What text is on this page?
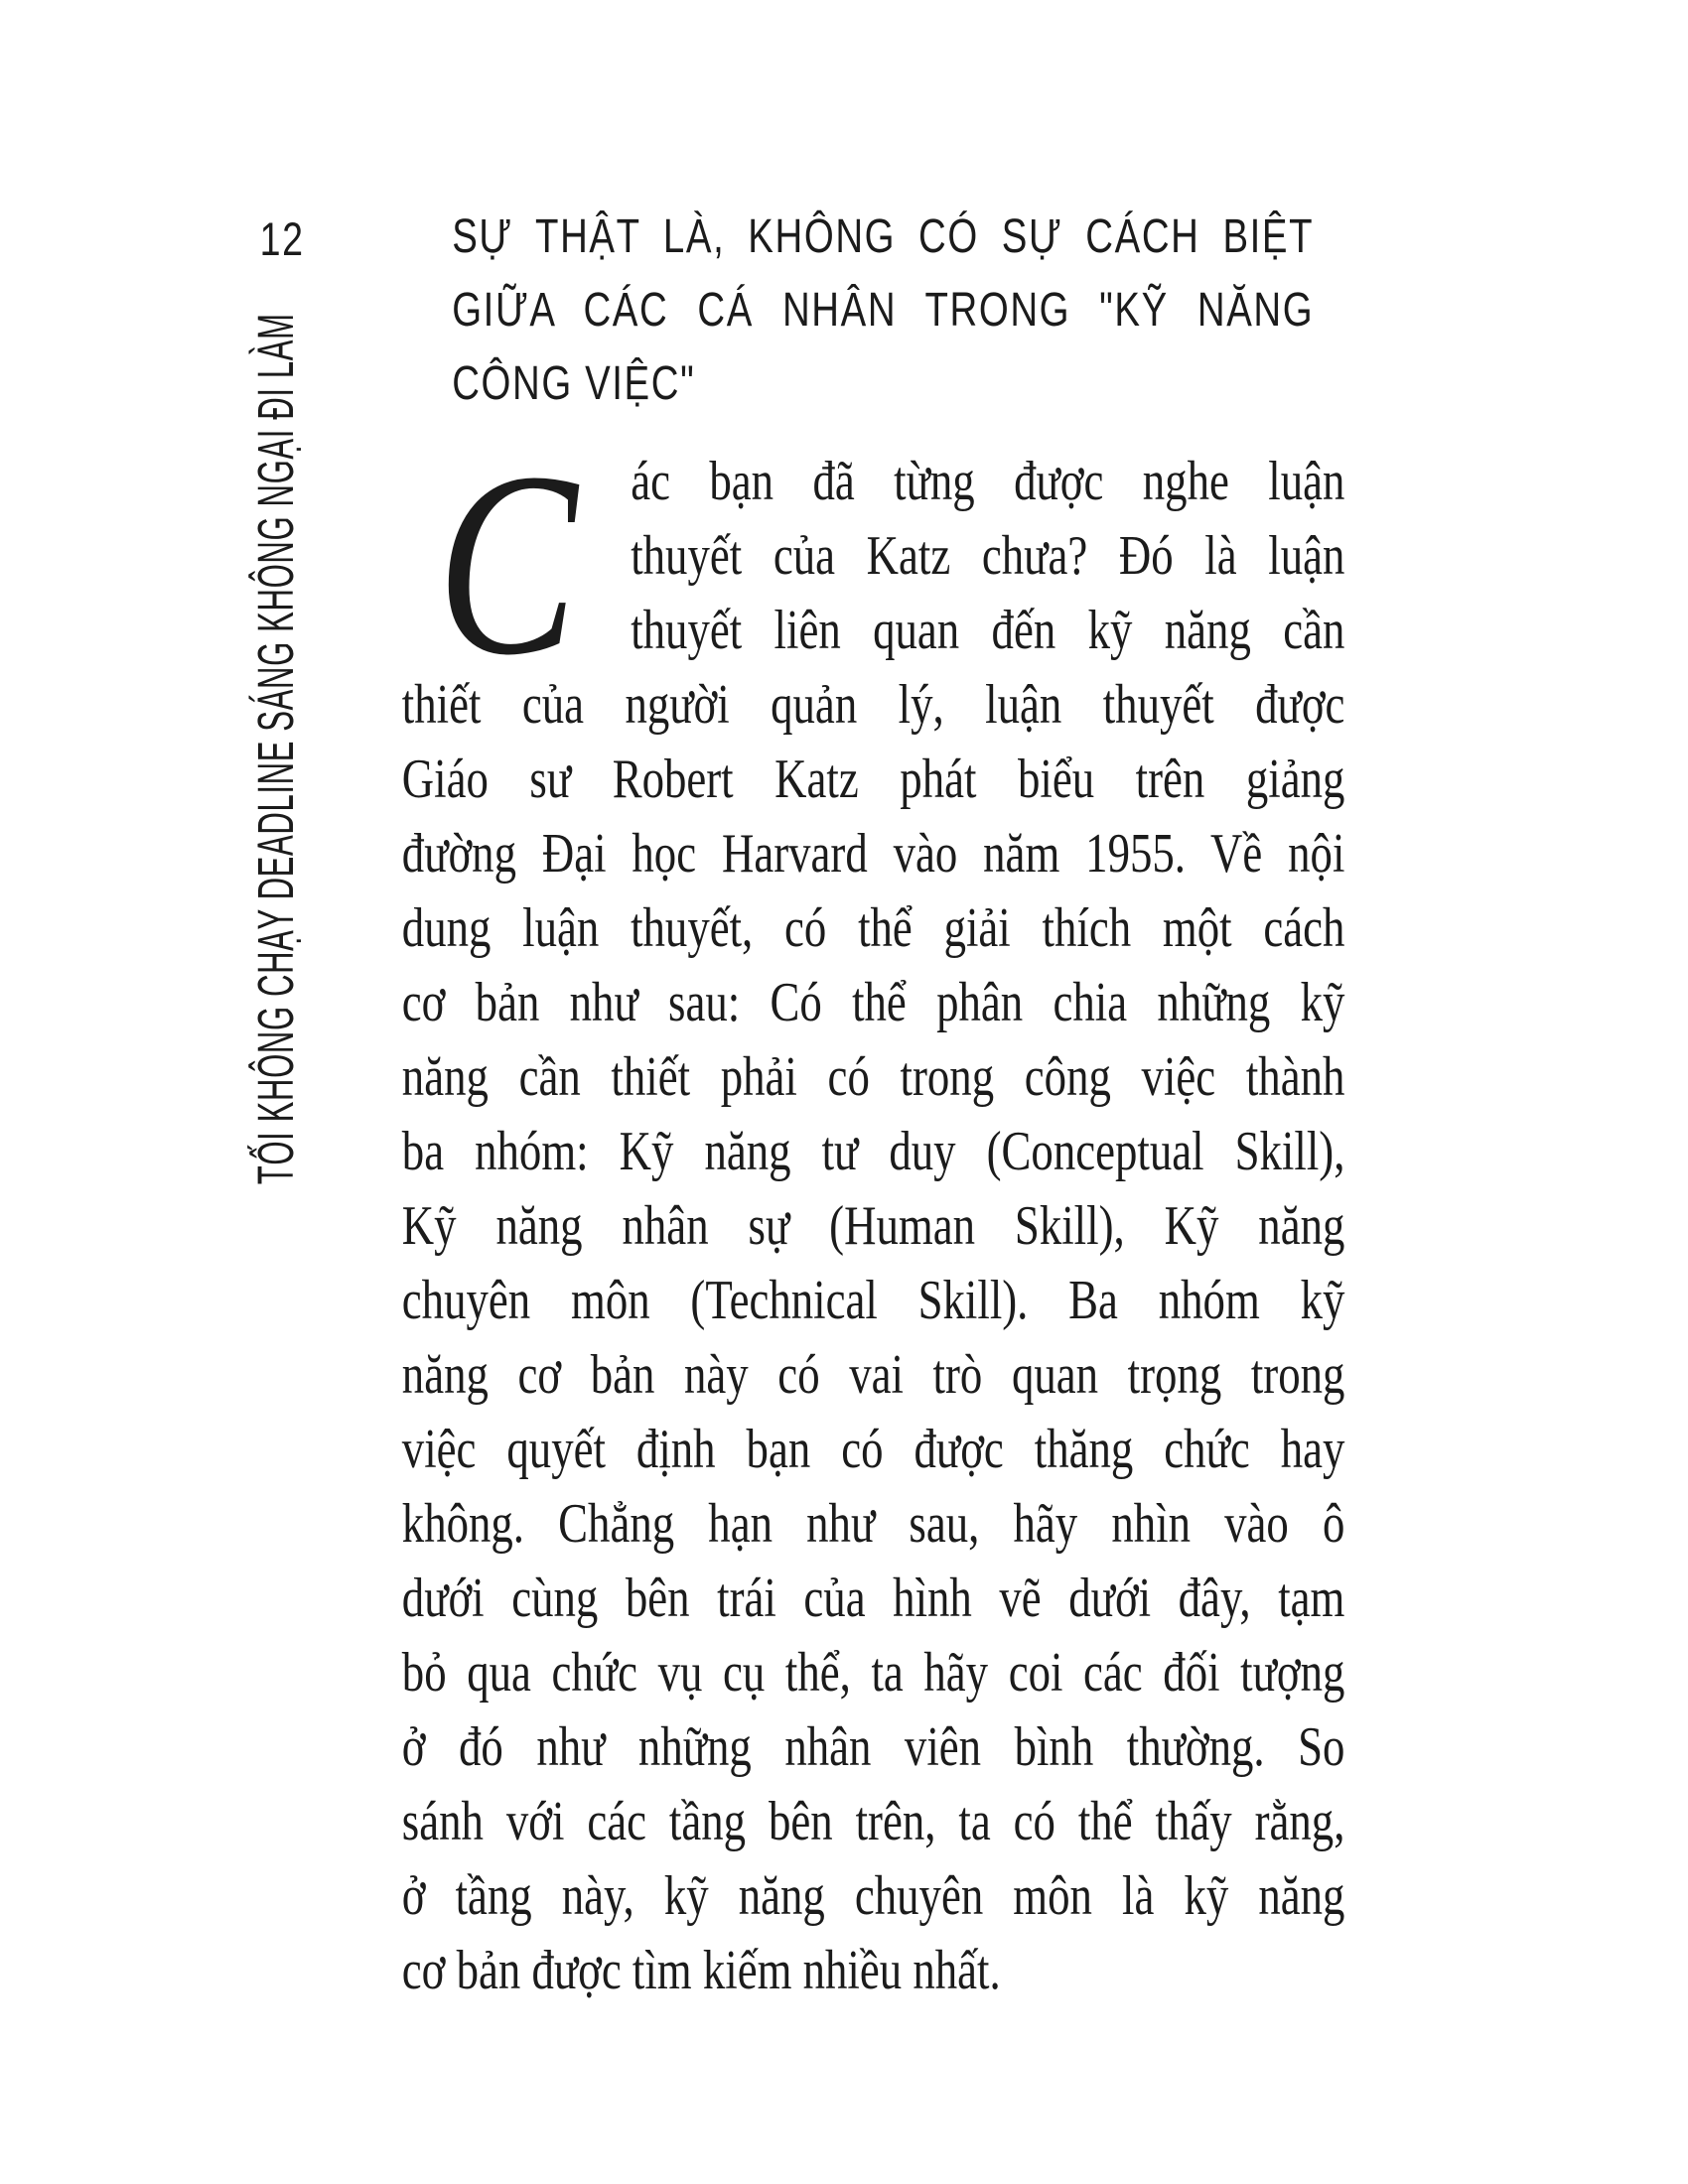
TỐI KHÔNG CHẠY DEADLINE SÁNG KHÔNG NGẠI ĐI LÀM
12	SỰ THẬT LÀ, KHÔNG CÓ SỰ CÁCH BIỆT
GIỮA CÁC CÁ NHÂN TRONG "KỸ NĂNG
CÔNG VIỆC"
C ác bạn đã từng được nghe luận
thuyết của Katz chưa? Đó là luận
thuyết liên quan đến kỹ năng cần
thiết của người quản lý, luận thuyết được
Giáo sư Robert Katz phát biểu trên giảng
đường Đại học Harvard vào năm 1955. Về nội
dung luận thuyết, có thể giải thích một cách
cơ bản như sau: Có thể phân chia những kỹ
năng cần thiết phải có trong công việc thành
ba nhóm: Kỹ năng tư duy (Conceptual Skill),
Kỹ năng nhân sự (Human Skill), Kỹ năng
chuyên môn (Technical Skill). Ba nhóm kỹ
năng cơ bản này có vai trò quan trọng trong
việc quyết định bạn có được thăng chức hay
không. Chẳng hạn như sau, hãy nhìn vào ô
dưới cùng bên trái của hình vẽ dưới đây, tạm
bỏ qua chức vụ cụ thể, ta hãy coi các đối tượng
ở đó như những nhân viên bình thường. So
sánh với các tầng bên trên, ta có thể thấy rằng,
ở tầng này, kỹ năng chuyên môn là kỹ năng
cơ bản được tìm kiếm nhiều nhất.
